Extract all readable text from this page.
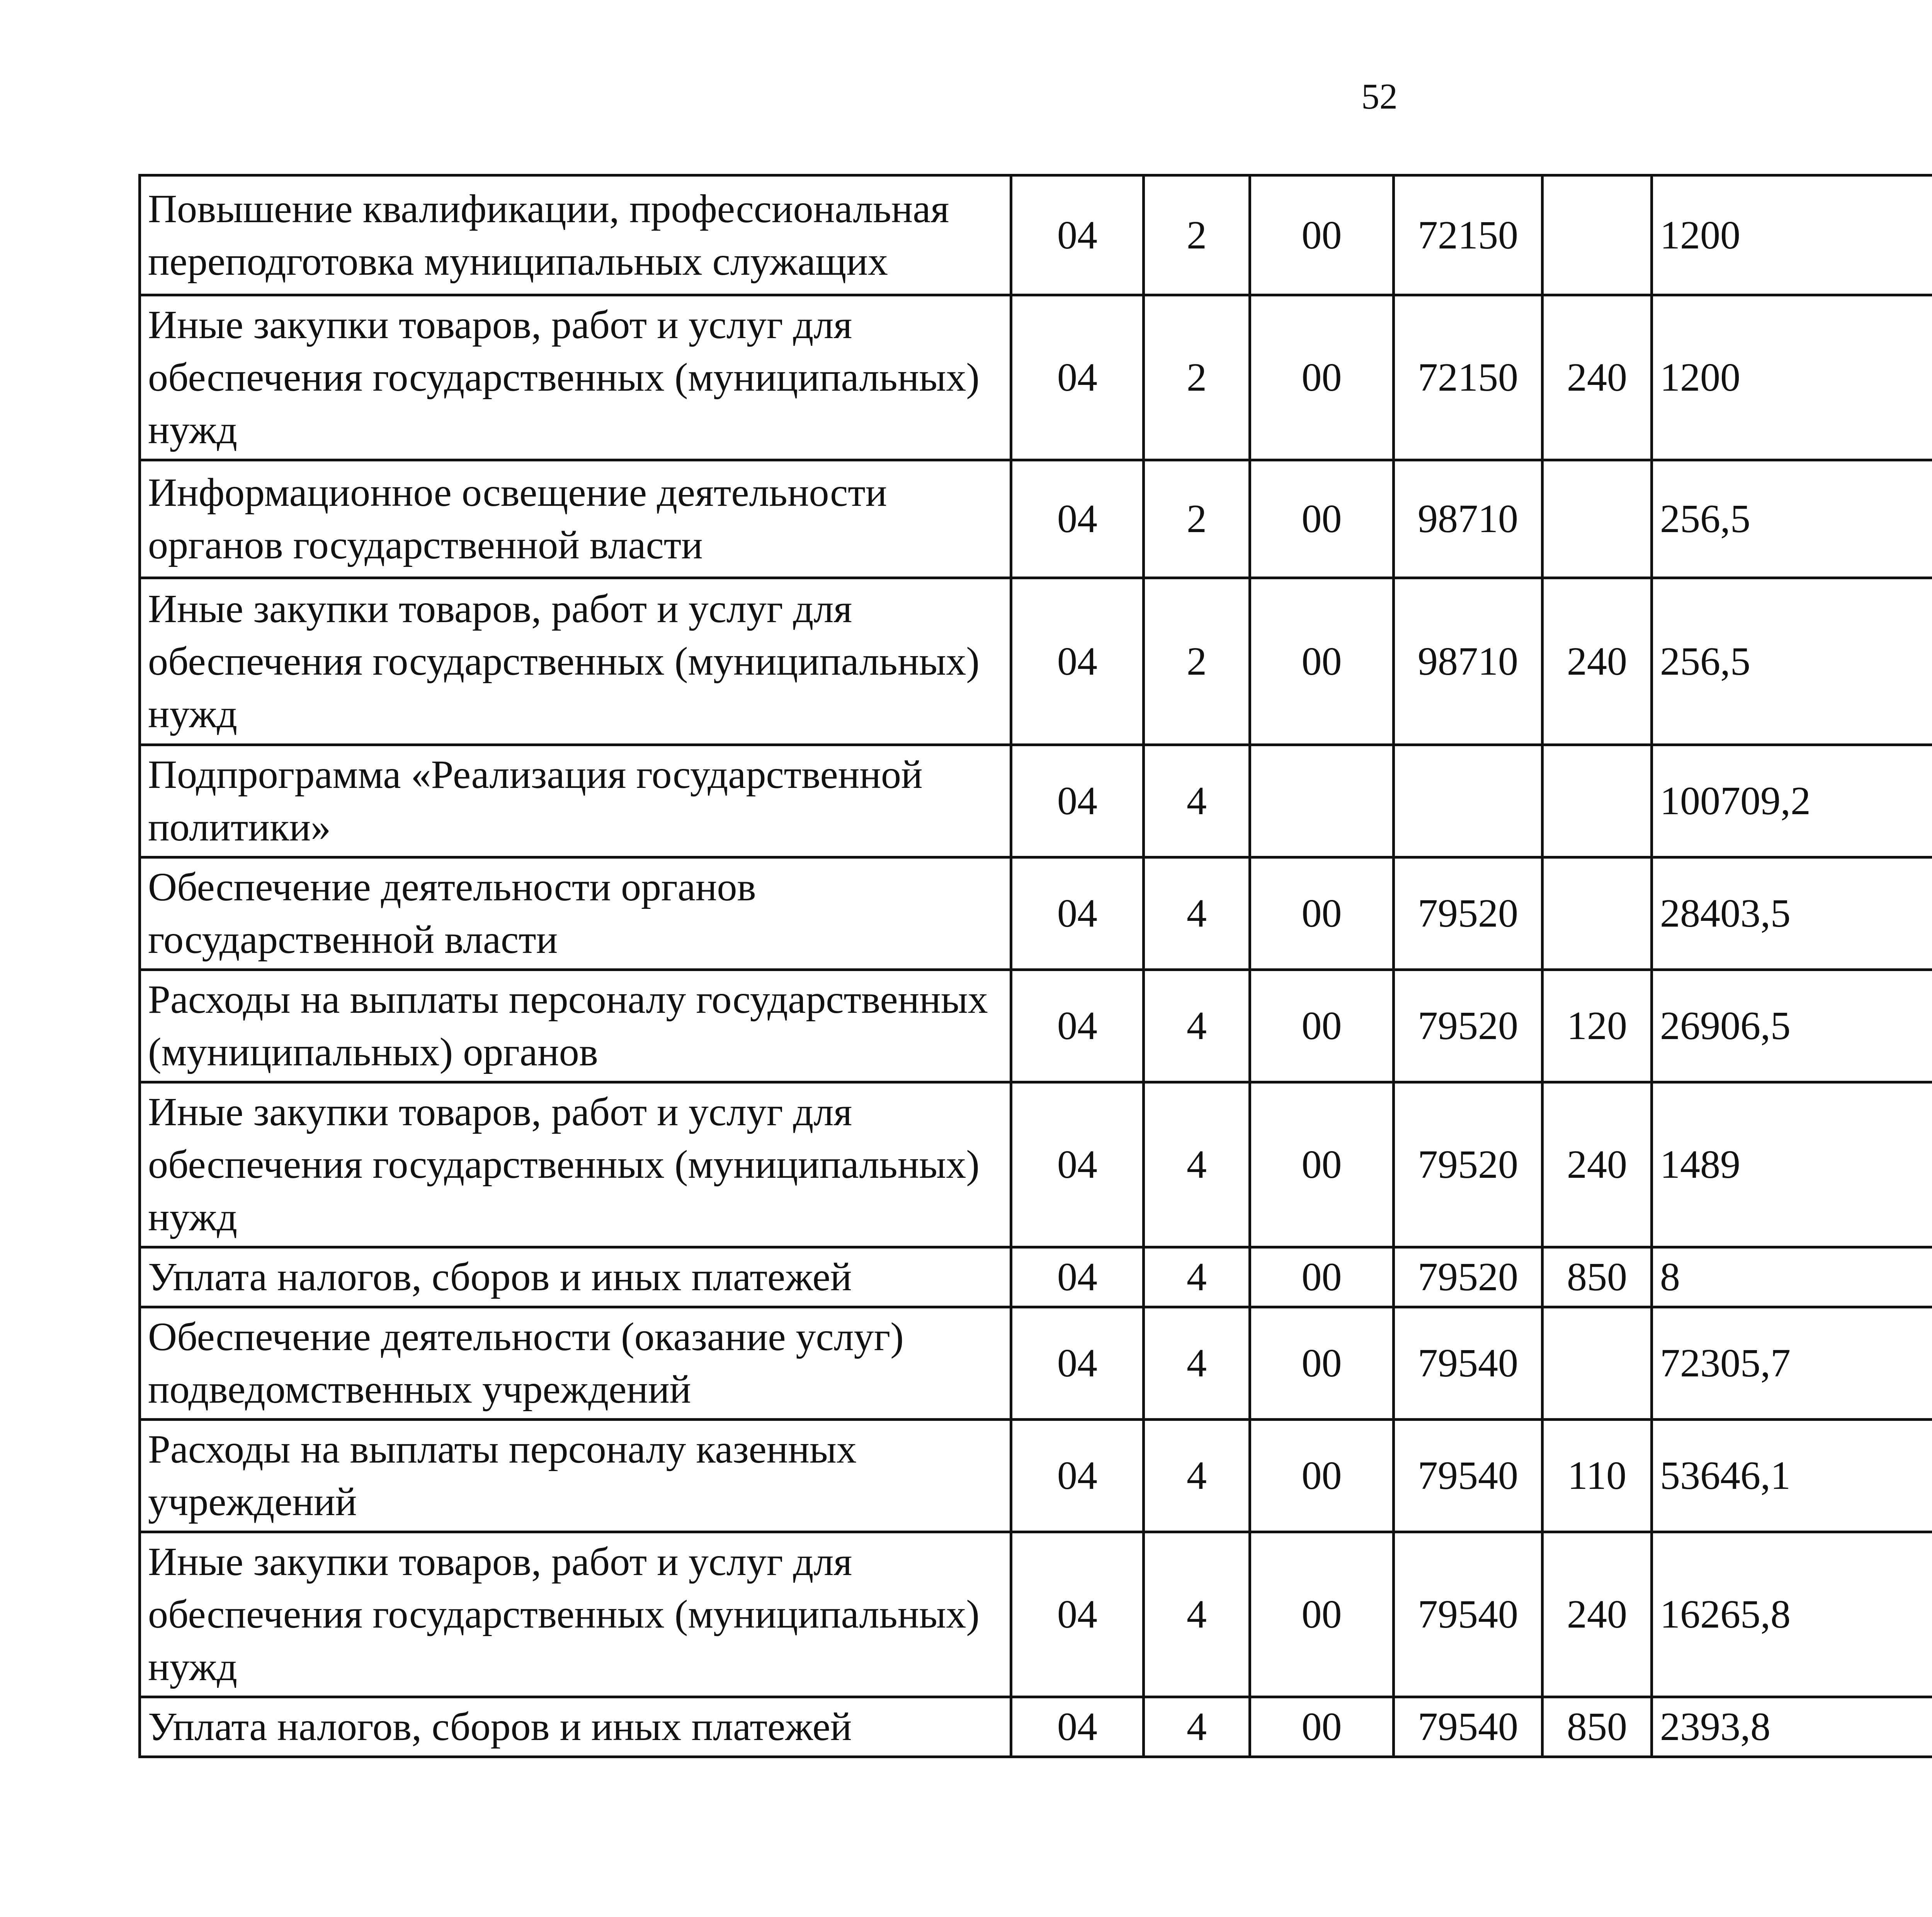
52
Повышение квалификации, профессиональная переподготовка муниципальных служащих	04	2	00	72150		1200		
Иные закупки товаров, работ и услуг для обеспечения государственных (муниципальных) нужд	04	2	00	72150	240	1200		
Информационное освещение деятельности органов государственной власти	04	2	00	98710		256,5		
Иные закупки товаров, работ и услуг для обеспечения государственных (муниципальных) нужд	04	2	00	98710	240	256,5		
Подпрограмма «Реализация государственной политики»	04	4				100709,2		
Обеспечение деятельности органов государственной власти	04	4	00	79520		28403,5		
Расходы на выплаты персоналу государственных (муниципальных) органов	04	4	00	79520	120	26906,5		
Иные закупки товаров, работ и услуг для обеспечения государственных (муниципальных) нужд	04	4	00	79520	240	1489		
Уплата налогов, сборов и иных платежей	04	4	00	79520	850	8		
Обеспечение деятельности (оказание услуг) подведомственных учреждений	04	4	00	79540		72305,7		
Расходы на выплаты персоналу казенных учреждений	04	4	00	79540	110	53646,1		
Иные закупки товаров, работ и услуг для обеспечения государственных (муниципальных) нужд	04	4	00	79540	240	16265,8		
Уплата налогов, сборов и иных платежей	04	4	00	79540	850	2393,8		
